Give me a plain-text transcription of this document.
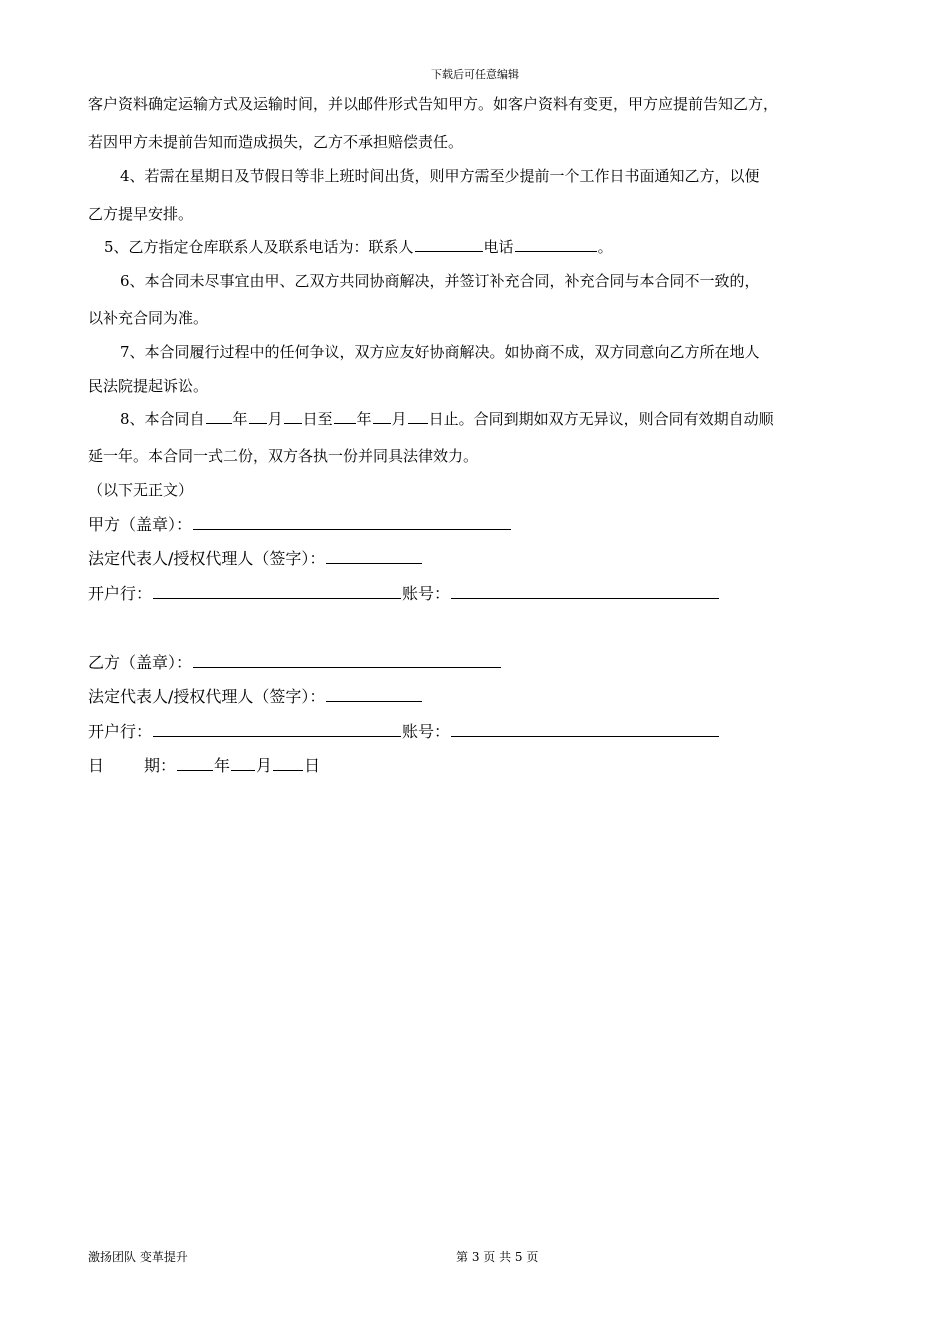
下载后可任意编辑
客户资料确定运输方式及运输时间，并以邮件形式告知甲方。如客户资料有变更，甲方应提前告知乙方，
若因甲方未提前告知而造成损失，乙方不承担赔偿责任。
4、若需在星期日及节假日等非上班时间出货，则甲方需至少提前一个工作日书面通知乙方，以便
乙方提早安排。
5、乙方指定仓库联系人及联系电话为：联系人	电话	。
6、本合同未尽事宜由甲、乙双方共同协商解决，并签订补充合同，补充合同与本合同不一致的，
以补充合同为准。
7、本合同履行过程中的任何争议，双方应友好协商解决。如协商不成，双方同意向乙方所在地人
民法院提起诉讼。
8、本合同自 年 月 日至 年 月 日止。合同到期如双方无异议，则合同有效期自动顺
延一年。本合同一式二份，双方各执一份并同具法律效力。
（以下无正文）
甲方（盖章）：
法定代表人/授权代理人（签字）：
开户行：	账号：
乙方（盖章）：
法定代表人/授权代理人（签字）：
开户行：	账号：
日	期： 年 月 日
激扬团队 变革提升	第 3 页 共 5 页
